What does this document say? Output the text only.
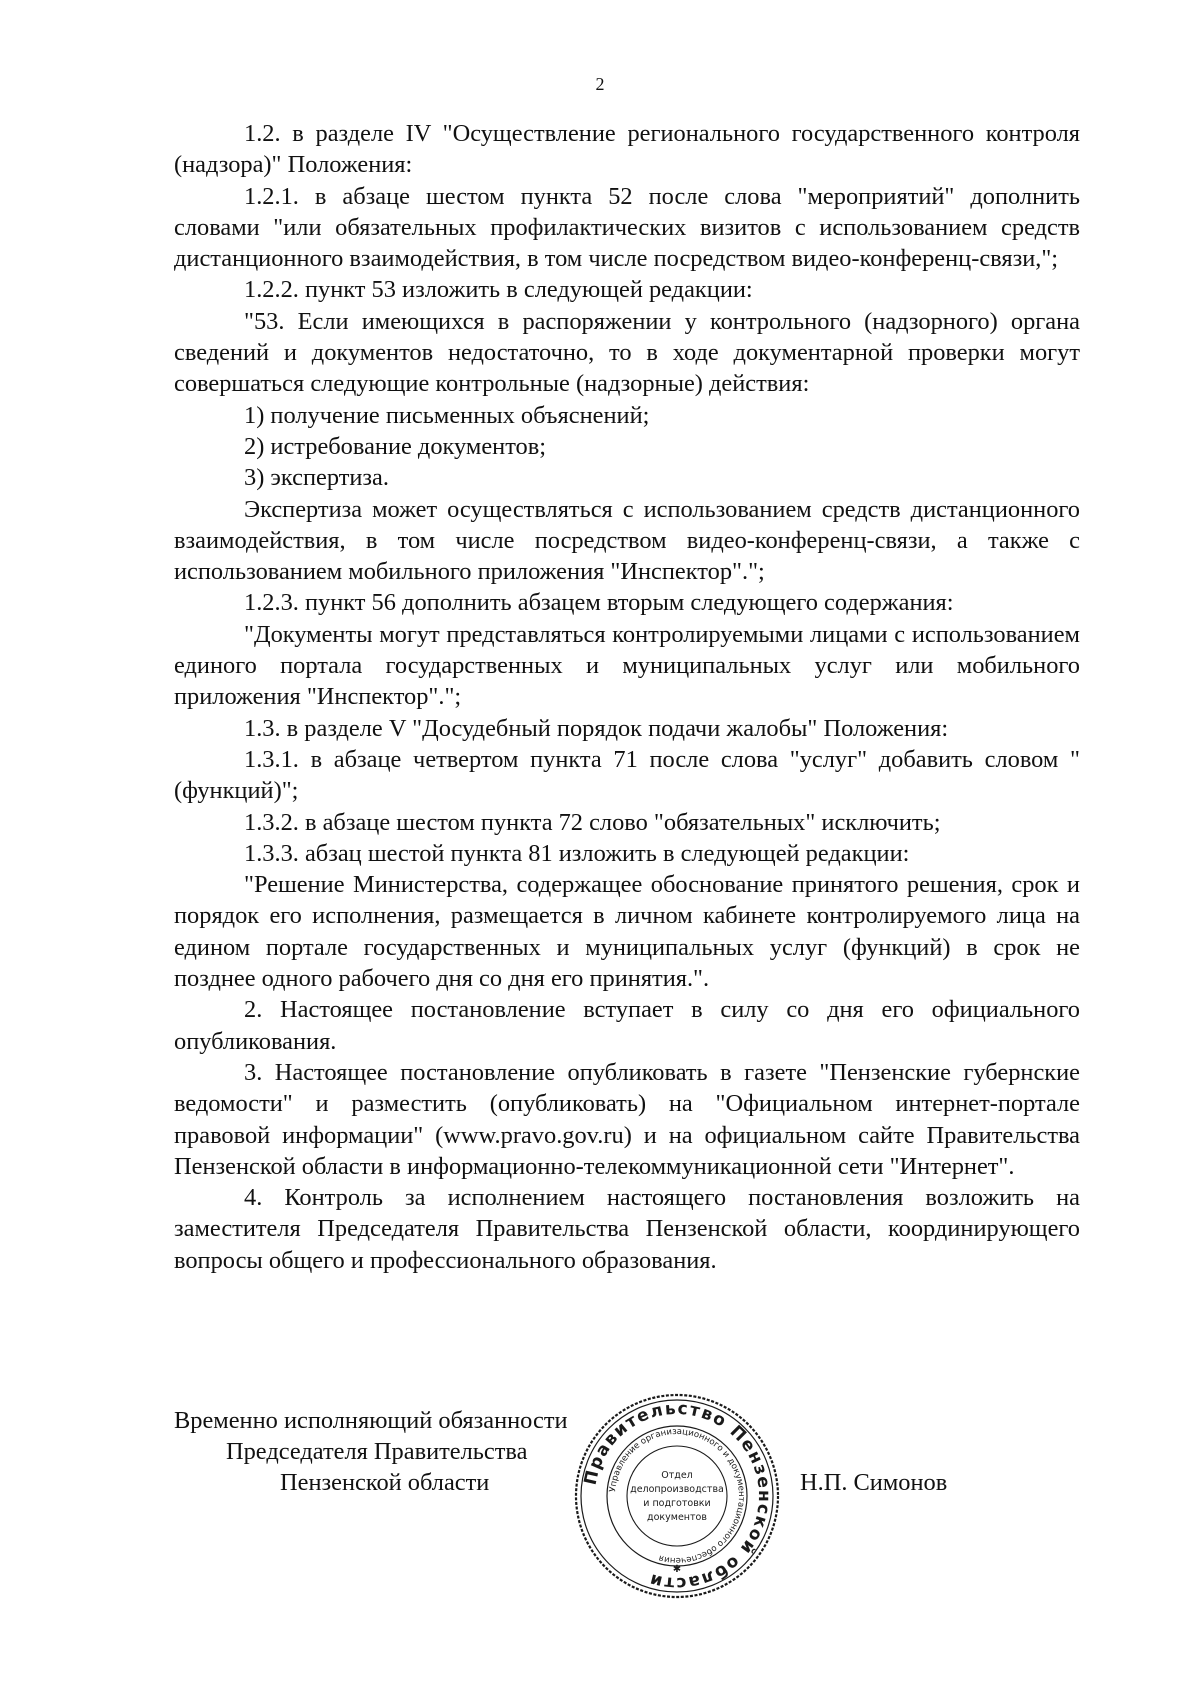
2

1.2. в разделе IV "Осуществление регионального государственного контроля (надзора)" Положения:

1.2.1. в абзаце шестом пункта 52 после слова "мероприятий" дополнить словами "или обязательных профилактических визитов с использованием средств дистанционного взаимодействия, в том числе посредством видео-конференц-связи,";

1.2.2. пункт 53 изложить в следующей редакции:

"53. Если имеющихся в распоряжении у контрольного (надзорного) органа сведений и документов недостаточно, то в ходе документарной проверки могут совершаться следующие контрольные (надзорные) действия:

1) получение письменных объяснений;

2) истребование документов;

3) экспертиза.

Экспертиза может осуществляться с использованием средств дистанционного взаимодействия, в том числе посредством видео-конференц-связи, а также с использованием мобильного приложения "Инспектор".";

1.2.3. пункт 56 дополнить абзацем вторым следующего содержания:

"Документы могут представляться контролируемыми лицами с использованием единого портала государственных и муниципальных услуг или мобильного приложения "Инспектор".";

1.3. в разделе V "Досудебный порядок подачи жалобы" Положения:

1.3.1. в абзаце четвертом пункта 71 после слова "услуг" добавить словом "(функций)";

1.3.2. в абзаце шестом пункта 72 слово "обязательных" исключить;

1.3.3. абзац шестой пункта 81 изложить в следующей редакции:

"Решение Министерства, содержащее обоснование принятого решения, срок и порядок его исполнения, размещается в личном кабинете контролируемого лица на едином портале государственных и муниципальных услуг (функций) в срок не позднее одного рабочего дня со дня его принятия.".

2. Настоящее постановление вступает в силу со дня его официального опубликования.

3. Настоящее постановление опубликовать в газете "Пензенские губернские ведомости" и разместить (опубликовать) на "Официальном интернет-портале правовой информации" (www.pravo.gov.ru) и на официальном сайте Правительства Пензенской области в информационно-телекоммуникационной сети "Интернет".

4. Контроль за исполнением настоящего постановления возложить на заместителя Председателя Правительства Пензенской области, координирующего вопросы общего и профессионального образования.

Временно исполняющий обязанности
Председателя Правительства
Пензенской области	Н.П. Симонов
Правительство Пензенской области
Управление организационного и документационного обеспечения
Отдел
делопроизводства
и подготовки
документов
✱
